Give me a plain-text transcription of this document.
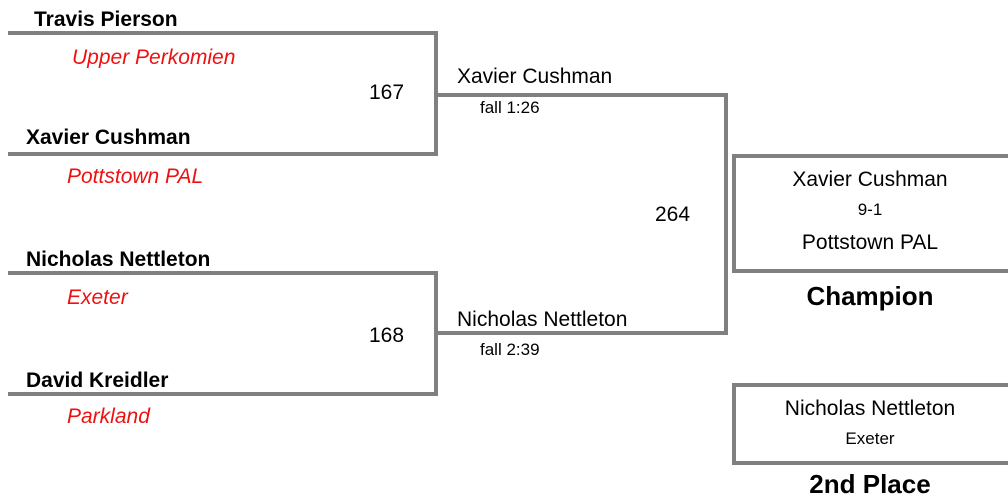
Travis Pierson
Upper Perkomien
Xavier Cushman
Pottstown PAL
Nicholas Nettleton
Exeter
David Kreidler
Parkland
167
168
264
Xavier Cushman
fall 1:26
Nicholas Nettleton
fall 2:39
Xavier Cushman
9-1
Pottstown PAL
Champion
Nicholas Nettleton
Exeter
2nd Place
